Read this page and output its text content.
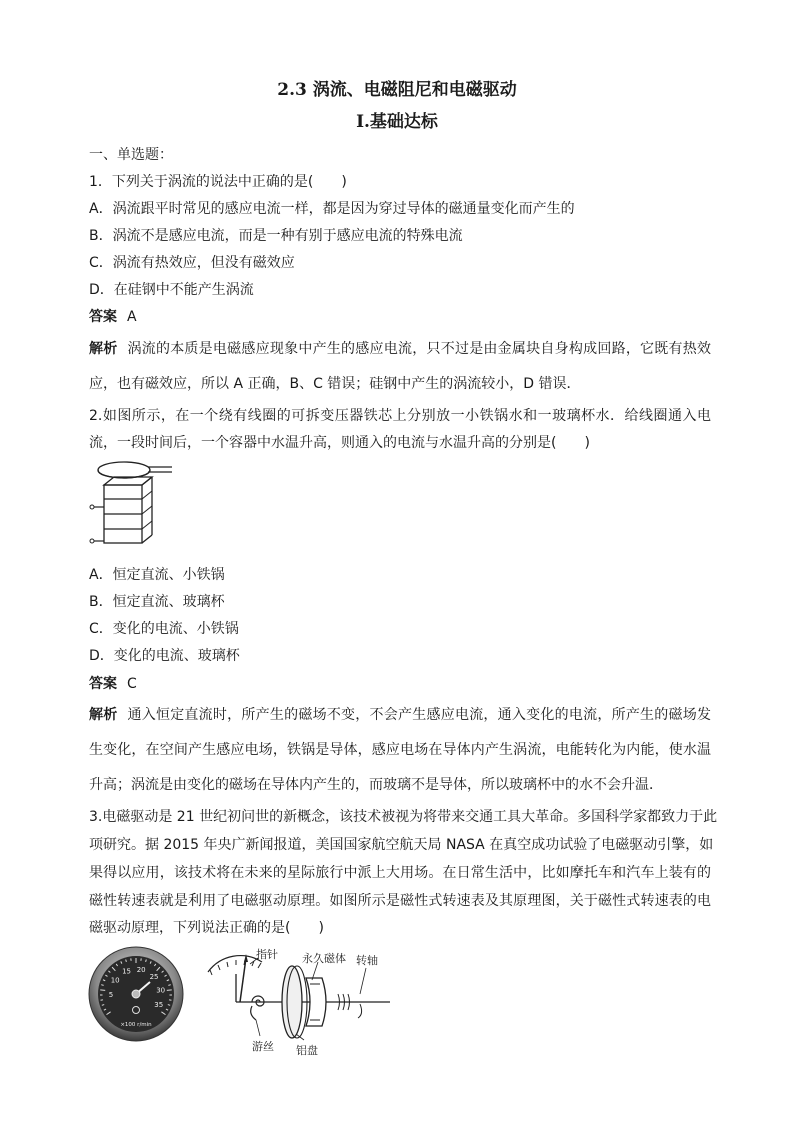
2.3 涡流、电磁阻尼和电磁驱动
Ⅰ.基础达标
一、单选题：
1．下列关于涡流的说法中正确的是(　　)
A．涡流跟平时常见的感应电流一样，都是因为穿过导体的磁通量变化而产生的
B．涡流不是感应电流，而是一种有别于感应电流的特殊电流
C．涡流有热效应，但没有磁效应
D．在硅钢中不能产生涡流
答案 A
解析 涡流的本质是电磁感应现象中产生的感应电流，只不过是由金属块自身构成回路，它既有热效
应，也有磁效应，所以 A 正确，B、C 错误；硅钢中产生的涡流较小，D 错误．
2.如图所示，在一个绕有线圈的可拆变压器铁芯上分别放一小铁锅水和一玻璃杯水．给线圈通入电
流，一段时间后，一个容器中水温升高，则通入的电流与水温升高的分别是(　　)
A．恒定直流、小铁锅
B．恒定直流、玻璃杯
C．变化的电流、小铁锅
D．变化的电流、玻璃杯
答案 C
解析 通入恒定直流时，所产生的磁场不变，不会产生感应电流，通入变化的电流，所产生的磁场发
生变化，在空间产生感应电场，铁锅是导体，感应电场在导体内产生涡流，电能转化为内能，使水温
升高；涡流是由变化的磁场在导体内产生的，而玻璃不是导体，所以玻璃杯中的水不会升温．
3.电磁驱动是 21 世纪初问世的新概念，该技术被视为将带来交通工具大革命。多国科学家都致力于此
项研究。据 2015 年央广新闻报道，美国国家航空航天局 NASA 在真空成功试验了电磁驱动引擎，如
果得以应用，该技术将在未来的星际旅行中派上大用场。在日常生活中，比如摩托车和汽车上装有的
磁性转速表就是利用了电磁驱动原理。如图所示是磁性式转速表及其原理图，关于磁性式转速表的电
磁驱动原理，下列说法正确的是(　　)
5
10
15 20
25
30
35
×100 r/min
指针 永久磁体 转轴
游丝 铝盘
